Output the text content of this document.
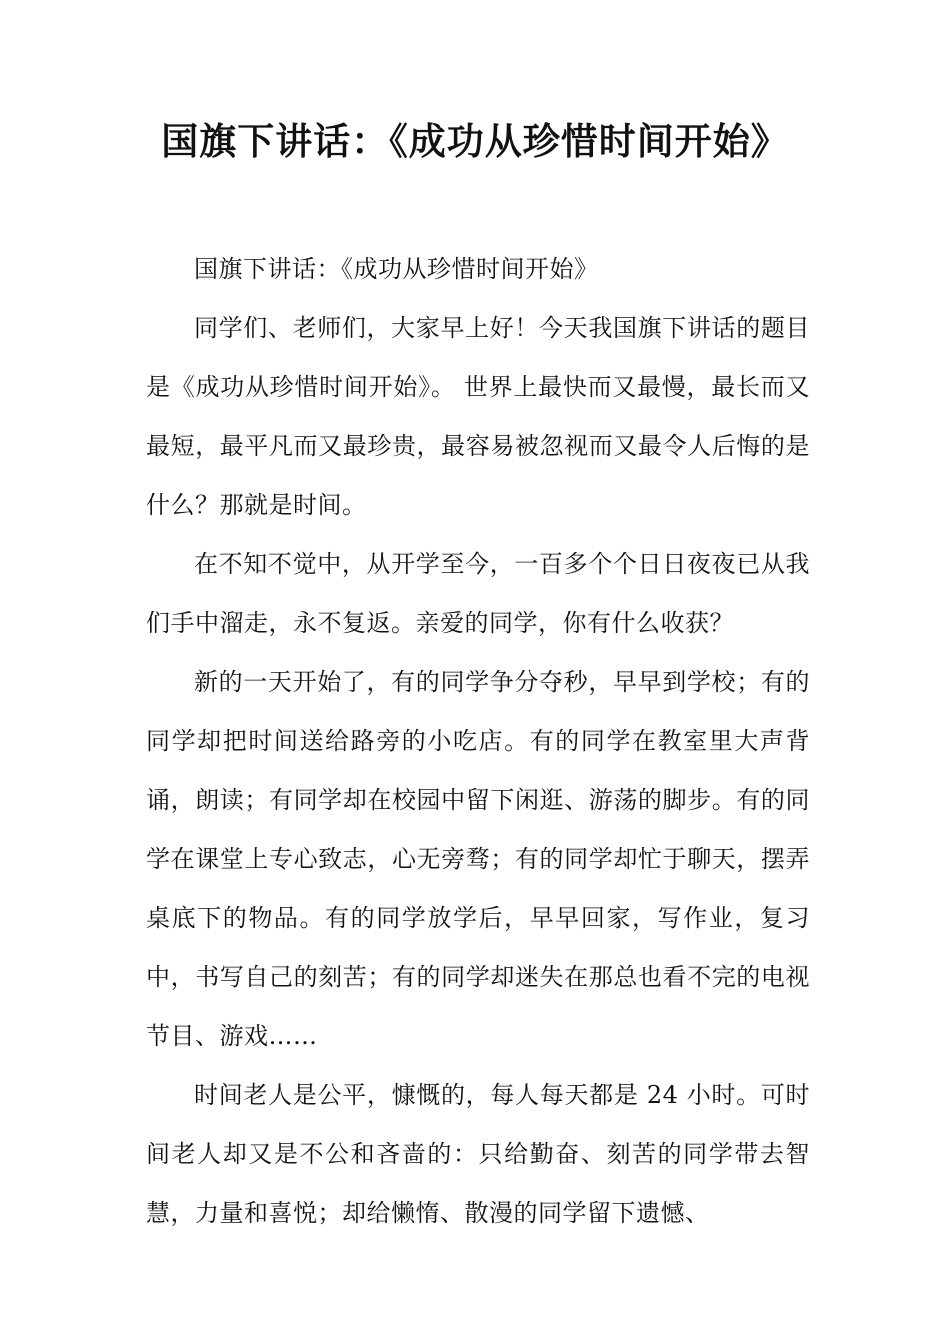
国旗下讲话：《成功从珍惜时间开始》

国旗下讲话：《成功从珍惜时间开始》

同学们、老师们，大家早上好！今天我国旗下讲话的题目是《成功从珍惜时间开始》。 世界上最快而又最慢，最长而又最短，最平凡而又最珍贵，最容易被忽视而又最令人后悔的是什么？那就是时间。

在不知不觉中，从开学至今，一百多个个日日夜夜已从我们手中溜走，永不复返。亲爱的同学，你有什么收获？

新的一天开始了，有的同学争分夺秒，早早到学校；有的同学却把时间送给路旁的小吃店。有的同学在教室里大声背诵，朗读；有同学却在校园中留下闲逛、游荡的脚步。有的同学在课堂上专心致志，心无旁骛；有的同学却忙于聊天，摆弄桌底下的物品。有的同学放学后，早早回家，写作业，复习中，书写自己的刻苦；有的同学却迷失在那总也看不完的电视节目、游戏……

时间老人是公平，慷慨的，每人每天都是 24 小时。可时间老人却又是不公和吝啬的：只给勤奋、刻苦的同学带去智慧，力量和喜悦；却给懒惰、散漫的同学留下遗憾、
